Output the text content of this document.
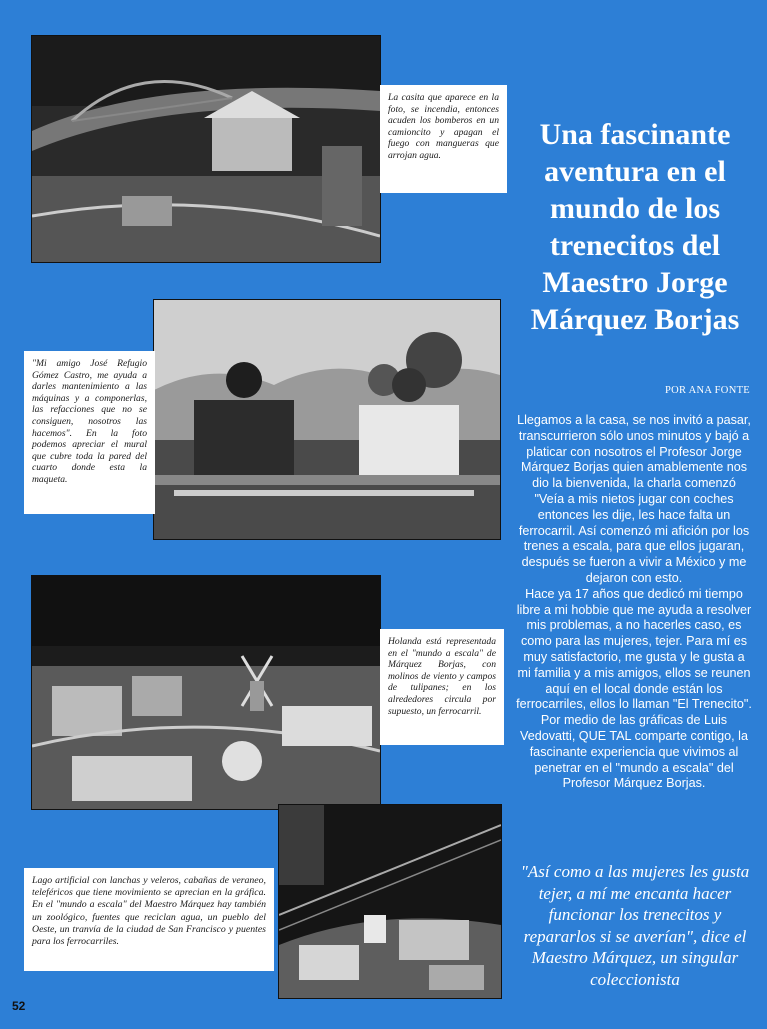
La casita que aparece en la foto, se incendia, entonces acuden los bomberos en un camioncito y apagan el fuego con mangueras que arrojan agua.
Una fascinante aventura en el mundo de los trenecitos del Maestro Jorge Márquez Borjas
"Mi amigo José Refugio Gómez Castro, me ayuda a darles mantenimiento a las máquinas y a componerlas, las refacciones que no se consiguen, nosotros las hacemos". En la foto podemos apreciar el mural que cubre toda la pared del cuarto donde esta la maqueta.
POR ANA FONTE

Llegamos a la casa, se nos invitó a pasar, transcurrieron sólo unos minutos y bajó a platicar con nosotros el Profesor Jorge Márquez Borjas quien amablemente nos dio la bienvenida, la charla comenzó "Veía a mis nietos jugar con coches entonces les dije, les hace falta un ferrocarril. Así comenzó mi afición por los trenes a escala, para que ellos jugaran, después se fueron a vivir a México y me dejaron con esto.

Hace ya 17 años que dedicó mi tiempo libre a mi hobbie que me ayuda a resolver mis problemas, a no hacerles caso, es como para las mujeres, tejer. Para mí es muy satisfactorio, me gusta y le gusta a mi familia y a mis amigos, ellos se reunen aquí en el local donde están los ferrocarriles, ellos lo llaman "El Trenecito".

Por medio de las gráficas de Luis Vedovatti, QUE TAL comparte contigo, la fascinante experiencia que vivimos al penetrar en el "mundo a escala" del Profesor Márquez Borjas.

Holanda está representada en el "mundo a escala" de Márquez Borjas, con molinos de viento y campos de tulipanes; en los alrededores circula por supuesto, un ferrocarril.
Lago artificial con lanchas y veleros, cabañas de veraneo, teleféricos que tiene movimiento se aprecian en la gráfica. En el "mundo a escala" del Maestro Márquez hay también un zoológico, fuentes que reciclan agua, un pueblo del Oeste, un tranvía de la ciudad de San Francisco y puentes para los ferrocarriles.
"Así como a las mujeres les gusta tejer, a mí me encanta hacer funcionar los trenecitos y repararlos si se averían", dice el Maestro Márquez, un singular coleccionista
52
